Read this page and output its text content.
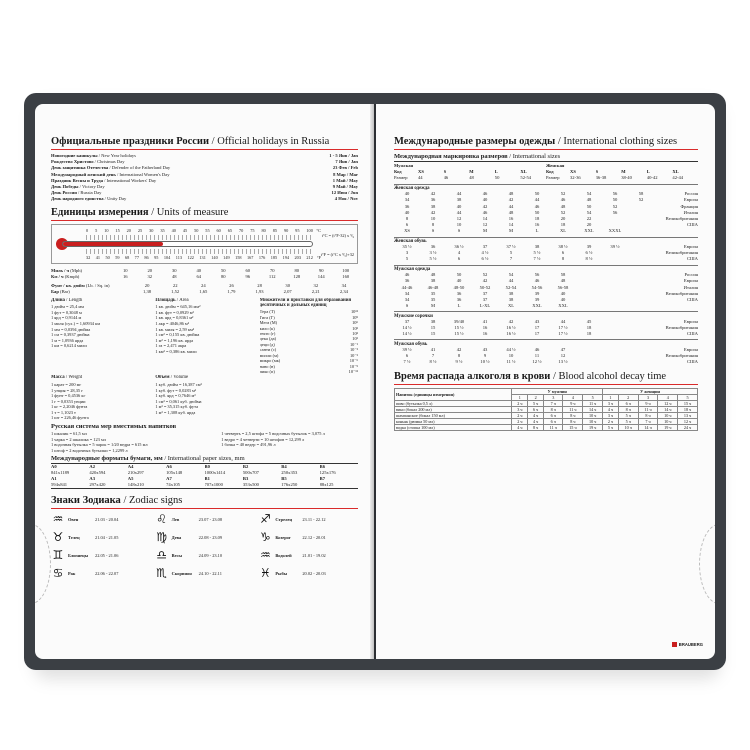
Официальные праздники России / Official holidays in Russia
Новогодние каникулы / New Year holidays	1 - 5 Янв / Jan
Рождество Христово / Christmas Day	7 Янв / Jan
День защитника Отечества / Defender of the Fatherland Day	23 Фев / Feb
Международный женский день / International Women's Day	8 Мар / Mar
Праздник Весны и Труда / International Workers' Day	1 Май / May
День Победы / Victory Day	9 Май / May
День России / Russia Day	12 Июн / Jun
День народного единства / Unity Day	4 Ноя / Nov
Единицы измерения / Units of measure
0 5 10 15 20 25 30 35 40 45 50 55 60 65 70 75 80 85 90 95 100
32 41 50 59 68 77 86 95 104 113 122 131 140 149 158 167 176 185 194 203 212
°C
°F
t°C = (t°F-32) x ⁵⁄₉
t°F = (t°C x ⁹⁄₅)+32
Миль / ч (Mph)	10	20	30	40	50	60	70	80	90	100
Км / ч (Kmph)	16	32	48	64	80	96	112	128	144	160
Фунт / кв. дюйм (Lb. / Sq. in)	20	22	24	26	28	30	32	34
Бар (Bar)	1,38	1,52	1,65	1,79	1,93	2,07	2,21	2,34
Длина / Length
1 дюйм = 25,4 мм
1 фут = 0,3048 м
1 ярд = 0,9144 м
1 миля (сух.) = 1,60934 км
1 мм = 0,0394 дюйма
1 см = 0,3937 дюйма
1 м = 1,0936 ярда
1 км = 0,6214 мили
Площадь / Area
1 кв. дюйм = 645,16 мм²
1 кв. фут = 0,0929 м²
1 кв. ярд = 0,8361 м²
1 акр = 4046,86 м²
1 кв. миля = 2,59 км²
1 см² = 0,155 кв. дюйма
1 м² = 1,196 кв. ярда
1 га = 2,471 акра
1 км² = 0,386 кв. мили
Множители и приставки для образования десятичных и дольных единиц
Тера (Т)	10¹²
Гига (Г)	10⁹
Мега (М)	10⁶
кило (к)	10³
гекто (г)	10²
дека (да)	10¹
деци (д)	10⁻¹
санти (с)	10⁻²
милли (м)	10⁻³
микро (мк)	10⁻⁶
нано (н)	10⁻⁹
пико (п)	10⁻¹²
Масса / Weight
1 карат = 200 мг
1 унция = 28,35 г
1 фунт = 0,4536 кг
1 г = 0,0353 унции
1 кг = 2,2046 фунта
1 т = 1,1023 т
1 шт = 226,46 фунта
Объем / Volume
1 куб. дюйм = 16,387 см³
1 куб. фут = 0,0283 м³
1 куб. ярд = 0,7646 м³
1 см³ = 0,061 куб. дюйма
1 м³ = 35,315 куб. фута
1 м³ = 1,308 куб. ярда
Русская система мер вместимых напитков
1 шкалик = 61,5 мл
1 чарка = 2 шкалика = 123 мл
1 водочная бутылка = 5 чарок = 1/20 ведра = 615 мл
1 штоф = 2 водочных бутылки = 1,2299 л
1 четверть = 2,5 штофа = 5 водочных бутылок = 3,075 л
1 ведро = 4 четверти = 10 штофов = 12,299 л
1 бочка = 40 ведер = 491,96 л
Международные форматы бумаги, мм / International paper sizes, mm
A0	A2	A4	A6	B0	B2	B4	B6
841x1189	420x594	210x297	105x148	1000x1414	500x707	250x353	125x176
A1	A3	A5	A7	B1	B3	B5	B7
594x841	297x420	148x210	74x105	707x1000	353x500	176x250	88x125
Знаки Зодиака / Zodiac signs
♒	Овен	21.03 - 20.04	♌	Лев	23.07 - 23.08	♐	Стрелец	23.11 - 22.12
♉	Телец	21.04 - 21.05	♍	Дева	22.08 - 23.09	♑	Козерог	22.12 - 20.01
♊	Близнецы	22.05 - 21.06	♎	Весы	24.09 - 23.10	♒	Водолей	21.01 - 19.02
♋	Рак	22.06 - 22.07	♏	Скорпион	24.10 - 22.11	♓	Рыбы	20.02 - 20.03
Международные размеры одежды / International clothing sizes
Международная маркировка размеров / International sizes
Мужская	Женская
Код	XS	S	M	L	XL	Код	XS	S	M	L	XL
Размер	44	46	48	50	52-54	Размер	32-36	36-38	38-40	40-42	42-44
Женская одежда
40	42	44	46	48	50	52	54	56	58	Россия
34	36	38	40	42	44	46	48	50	52	Европа
36	38	40	42	44	46	48	50	52	Франция
40	42	44	46	48	50	52	54	56	Италия
8	10	12	14	16	18	20	22	Великобритания
6	8	10	12	14	16	18	20	США
XS	S	S	M	M	L	XL	XXL	XXXL
Женская обувь
35 ½	36	36 ½	37	37 ½	38	38 ½	39	39 ½	Европа
3	3 ½	4	4 ½	5	5 ½	6	6 ½	Великобритания
5	5 ½	6	6 ½	7	7 ½	8	8 ½	США
Мужская одежда
46	48	50	52	54	56	58	Россия
36	38	40	42	44	46	48	Европа
44-46	46-48	48-50	50-52	52-54	54-56	56-58	Италия
34	35	36	37	38	39	40	Великобритания
34	35	36	37	38	39	40	США
S	M	L	L-XL	XL	XXL	XXL
Мужские сорочки
37	38	39/40	41	42	43	44	45	Европа
14 ½	15	15 ½	16	16 ½	17	17 ½	18	Великобритания
14 ½	15	15 ½	16	16 ½	17	17 ½	18	США
Мужская обувь
39 ½	41	42	43	44 ½	46	47	Европа
6	7	8	9	10	11	12	Великобритания
7 ½	8 ½	9 ½	10 ½	11 ½	12 ½	13 ½	США
Время распада алкоголя в крови / Blood alcohol decay time
Напиток (единицы измерения)	У мужчин					У женщин				
	1	2	3	4	5	1	2	3	4	5
пиво (бутылка 0,5 л)	2 ч	5 ч	7 ч	9 ч	11 ч	3 ч	6 ч	9 ч	12 ч	15 ч
вино (бокал 200 мл)	3 ч	6 ч	8 ч	11 ч	14 ч	4 ч	8 ч	11 ч	14 ч	18 ч
шампанское (бокал 150 мл)	2 ч	4 ч	6 ч	8 ч	10 ч	3 ч	5 ч	8 ч	10 ч	13 ч
коньяк (рюмка 50 мл)	2 ч	4 ч	6 ч	8 ч	10 ч	2 ч	5 ч	7 ч	10 ч	12 ч
водка (стопка 100 мл)	4 ч	8 ч	11 ч	15 ч	19 ч	5 ч	10 ч	14 ч	19 ч	24 ч
BRAUBERG
